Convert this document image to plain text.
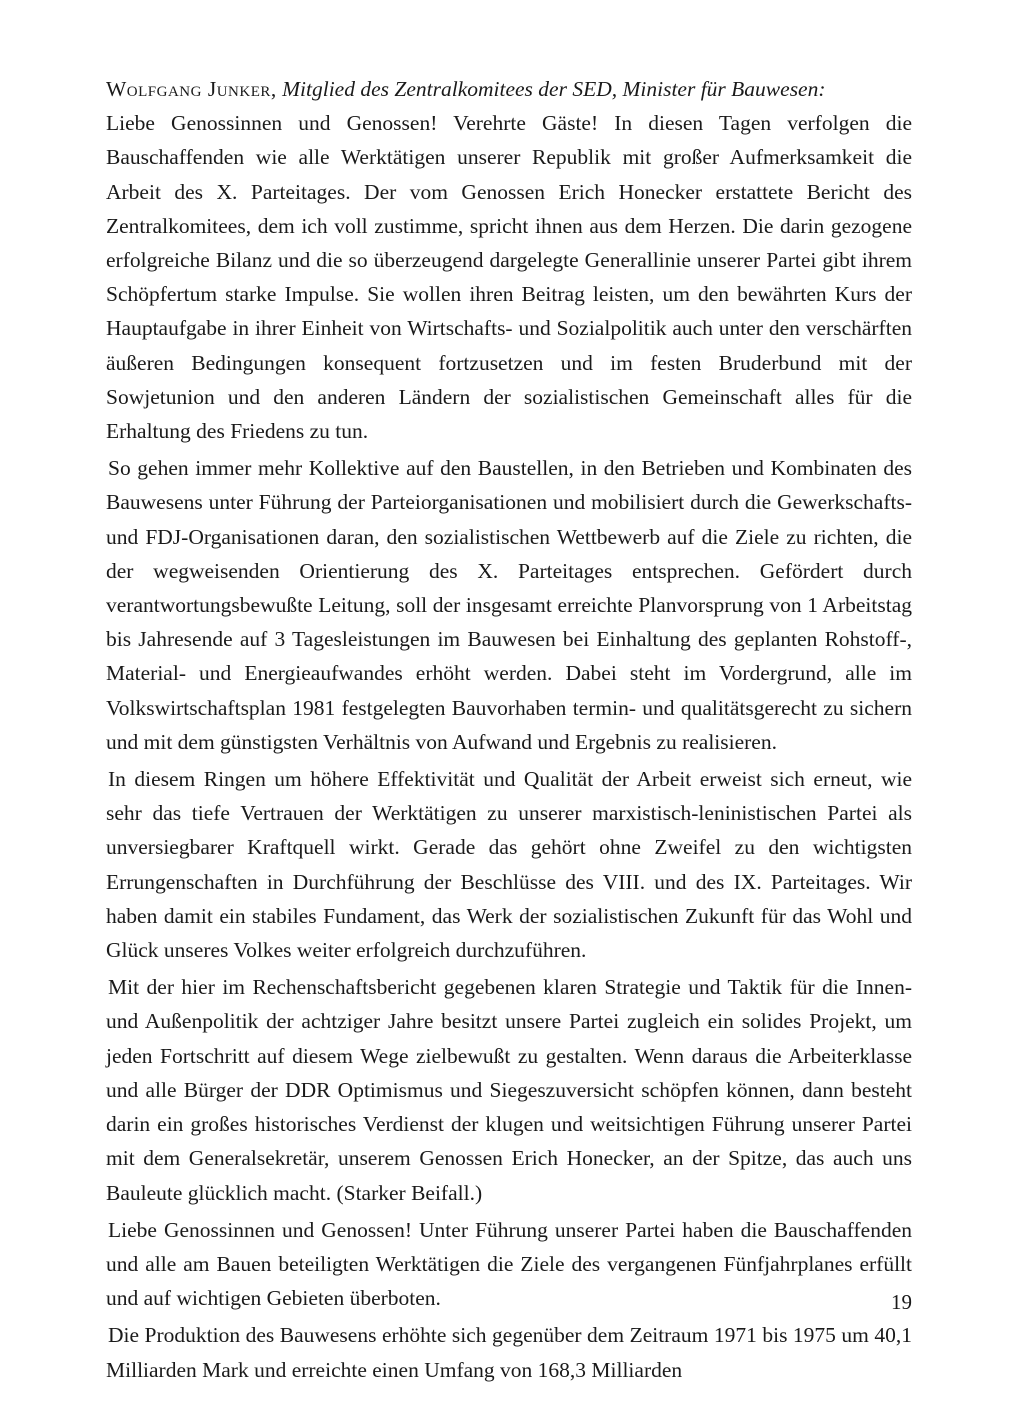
Wolfgang Junker, Mitglied des Zentralkomitees der SED, Minister für Bauwesen:
Liebe Genossinnen und Genossen! Verehrte Gäste! In diesen Tagen verfolgen die Bauschaffenden wie alle Werktätigen unserer Republik mit großer Aufmerksamkeit die Arbeit des X. Parteitages. Der vom Genossen Erich Honecker erstattete Bericht des Zentralkomitees, dem ich voll zustimme, spricht ihnen aus dem Herzen. Die darin gezogene erfolgreiche Bilanz und die so überzeugend dargelegte Generallinie unserer Partei gibt ihrem Schöpfertum starke Impulse. Sie wollen ihren Beitrag leisten, um den bewährten Kurs der Hauptaufgabe in ihrer Einheit von Wirtschafts- und Sozialpolitik auch unter den verschärften äußeren Bedingungen konsequent fortzusetzen und im festen Bruderbund mit der Sowjetunion und den anderen Ländern der sozialistischen Gemeinschaft alles für die Erhaltung des Friedens zu tun.

So gehen immer mehr Kollektive auf den Baustellen, in den Betrieben und Kombinaten des Bauwesens unter Führung der Parteiorganisationen und mobilisiert durch die Gewerkschafts- und FDJ-Organisationen daran, den sozialistischen Wettbewerb auf die Ziele zu richten, die der wegweisenden Orientierung des X. Parteitages entsprechen. Gefördert durch verantwortungsbewußte Leitung, soll der insgesamt erreichte Planvorsprung von 1 Arbeitstag bis Jahresende auf 3 Tagesleistungen im Bauwesen bei Einhaltung des geplanten Rohstoff-, Material- und Energieaufwandes erhöht werden. Dabei steht im Vordergrund, alle im Volkswirtschaftsplan 1981 festgelegten Bauvorhaben termin- und qualitätsgerecht zu sichern und mit dem günstigsten Verhältnis von Aufwand und Ergebnis zu realisieren.

In diesem Ringen um höhere Effektivität und Qualität der Arbeit erweist sich erneut, wie sehr das tiefe Vertrauen der Werktätigen zu unserer marxistisch-leninistischen Partei als unversiegbarer Kraftquell wirkt. Gerade das gehört ohne Zweifel zu den wichtigsten Errungenschaften in Durchführung der Beschlüsse des VIII. und des IX. Parteitages. Wir haben damit ein stabiles Fundament, das Werk der sozialistischen Zukunft für das Wohl und Glück unseres Volkes weiter erfolgreich durchzuführen.

Mit der hier im Rechenschaftsbericht gegebenen klaren Strategie und Taktik für die Innen- und Außenpolitik der achtziger Jahre besitzt unsere Partei zugleich ein solides Projekt, um jeden Fortschritt auf diesem Wege zielbewußt zu gestalten. Wenn daraus die Arbeiterklasse und alle Bürger der DDR Optimismus und Siegeszuversicht schöpfen können, dann besteht darin ein großes historisches Verdienst der klugen und weitsichtigen Führung unserer Partei mit dem Generalsekretär, unserem Genossen Erich Honecker, an der Spitze, das auch uns Bauleute glücklich macht. (Starker Beifall.)

Liebe Genossinnen und Genossen! Unter Führung unserer Partei haben die Bauschaffenden und alle am Bauen beteiligten Werktätigen die Ziele des vergangenen Fünfjahrplanes erfüllt und auf wichtigen Gebieten überboten.

Die Produktion des Bauwesens erhöhte sich gegenüber dem Zeitraum 1971 bis 1975 um 40,1 Milliarden Mark und erreichte einen Umfang von 168,3 Milliarden

19
